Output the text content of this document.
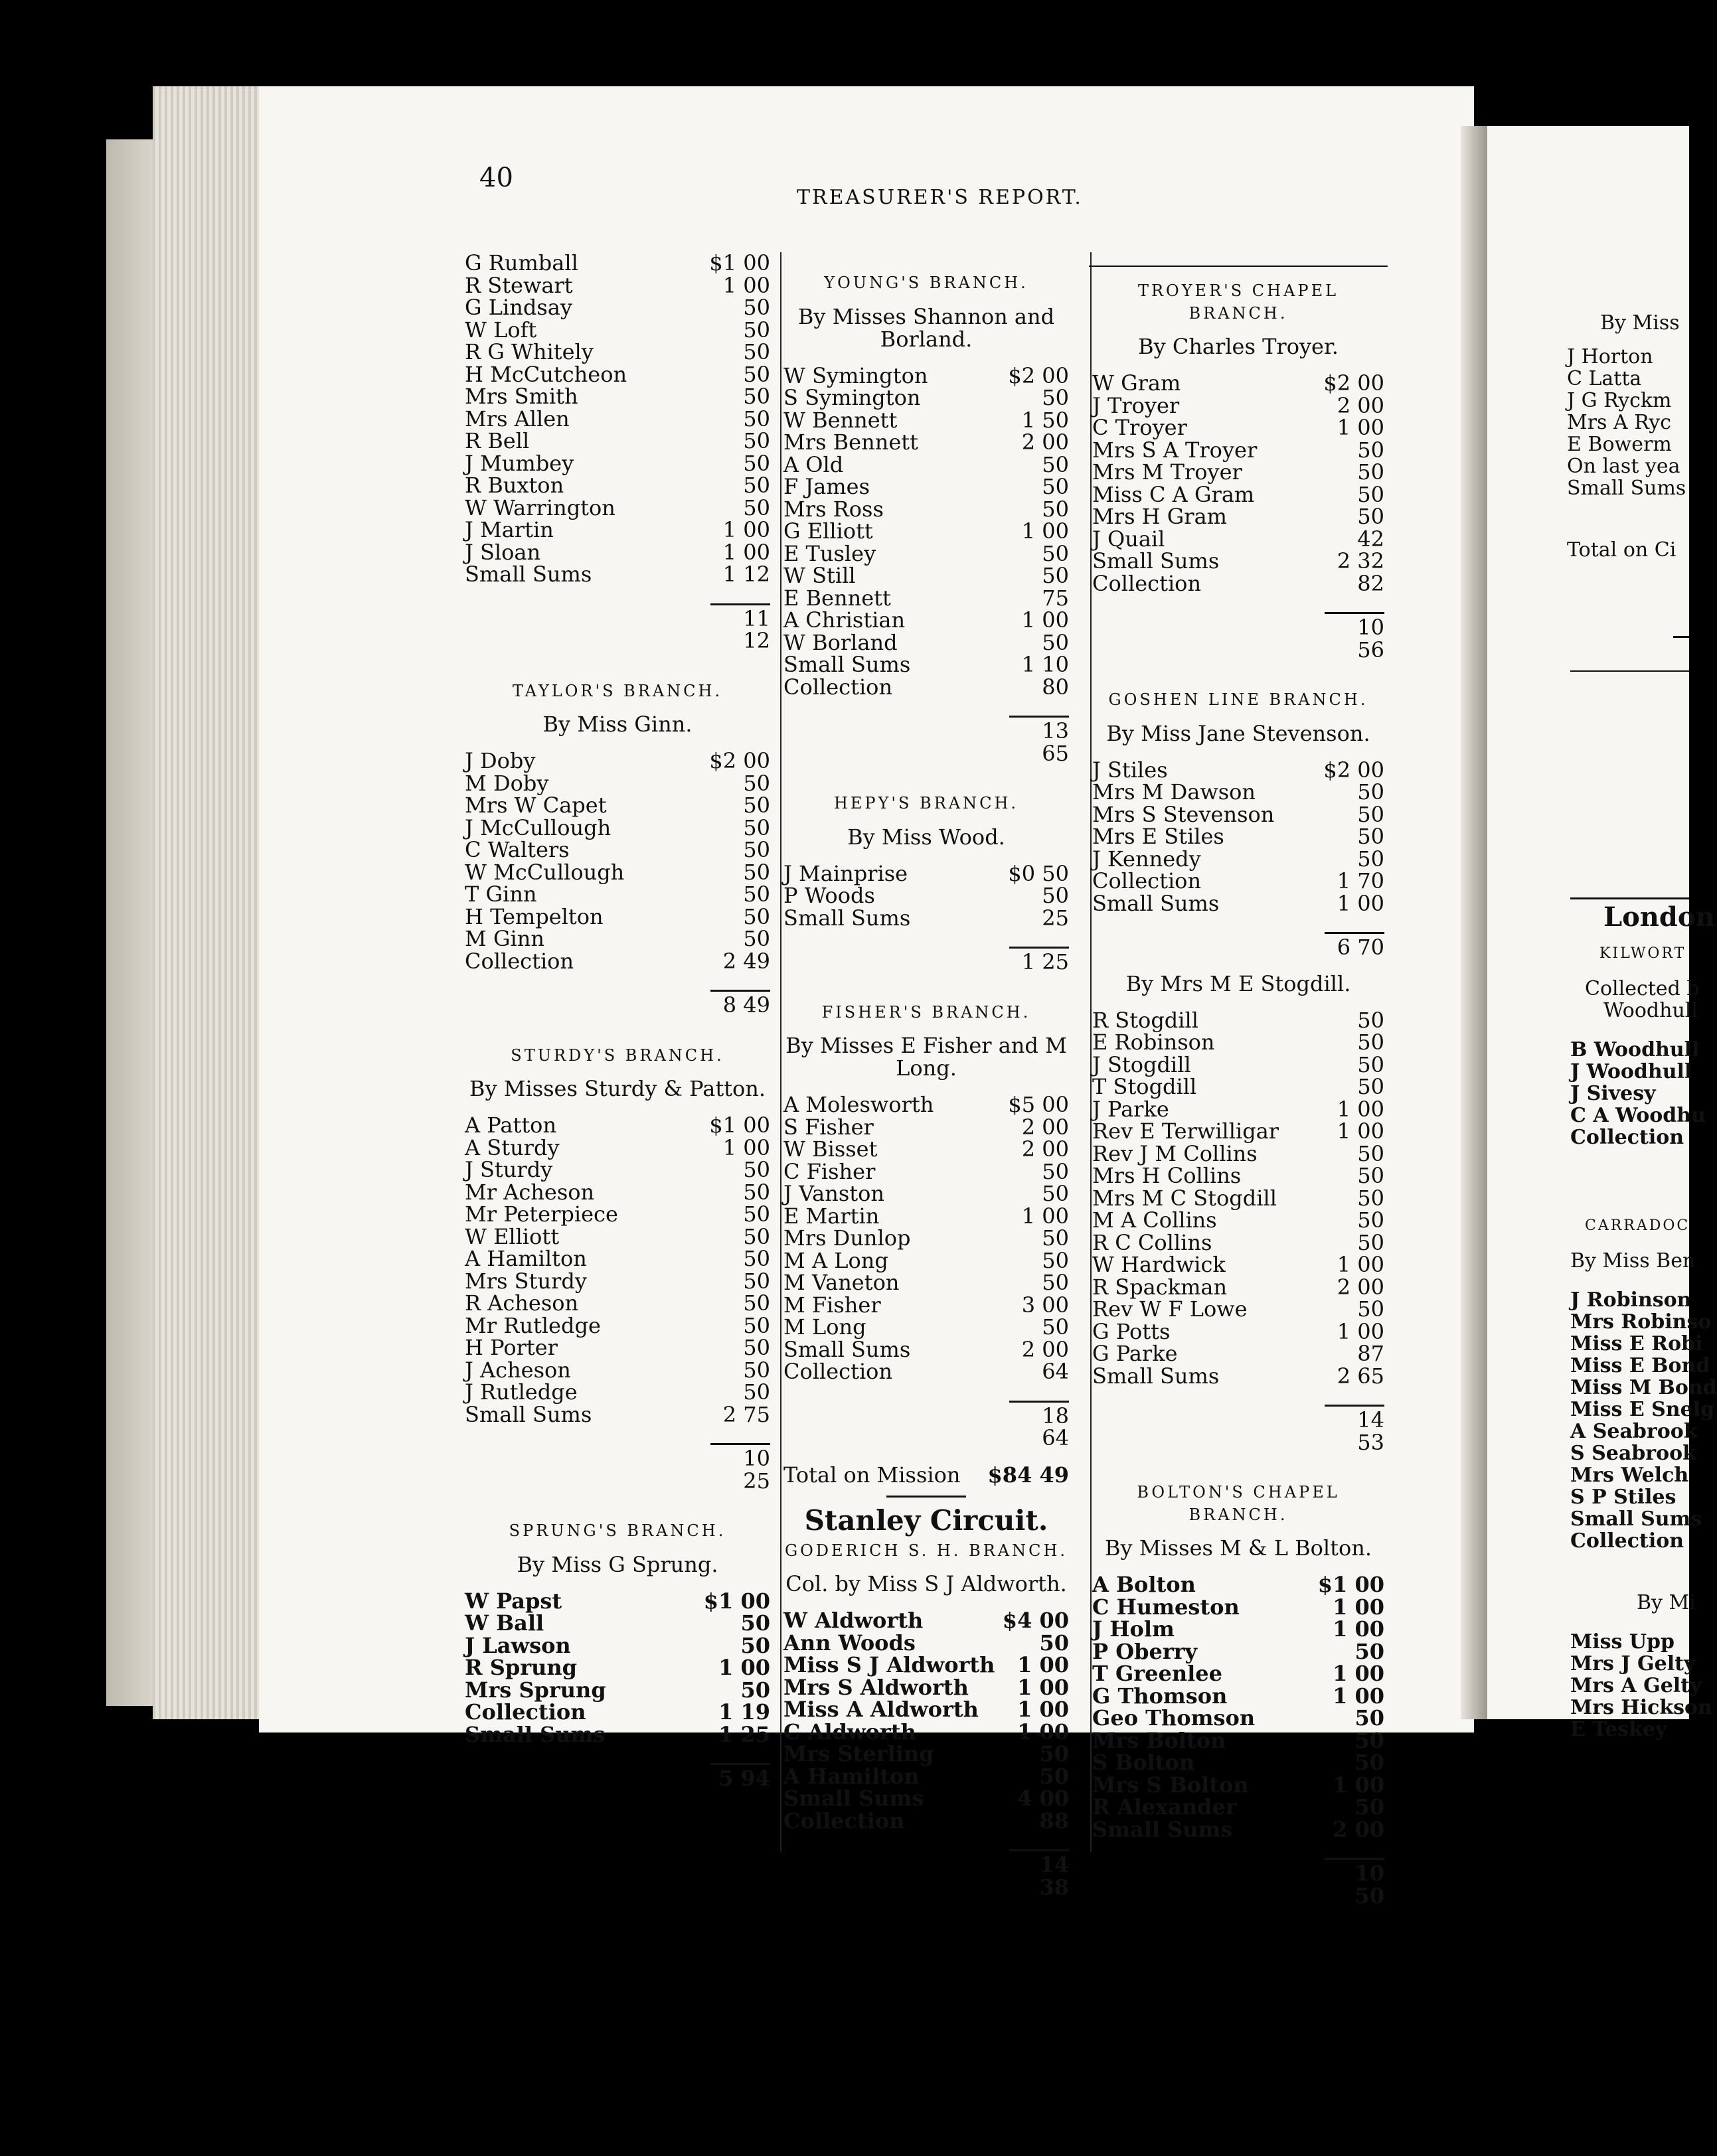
40
TREASURER'S REPORT.
G Rumball	$1 00
R Stewart	1 00
G Lindsay	50
W Loft	50
R G Whitely	50
H McCutcheon	50
Mrs Smith	50
Mrs Allen	50
R Bell	50
J Mumbey	50
R Buxton	50
W Warrington	50
J Martin	1 00
J Sloan	1 00
Small Sums	1 12
11 12
TAYLOR'S BRANCH.
By Miss Ginn.
J Doby	$2 00
M Doby	50
Mrs W Capet	50
J McCullough	50
C Walters	50
W McCullough	50
T Ginn	50
H Tempelton	50
M Ginn	50
Collection	2 49
8 49
STURDY'S BRANCH.
By Misses Sturdy & Patton.
A Patton	$1 00
A Sturdy	1 00
J Sturdy	50
Mr Acheson	50
Mr Peterpiece	50
W Elliott	50
A Hamilton	50
Mrs Sturdy	50
R Acheson	50
Mr Rutledge	50
H Porter	50
J Acheson	50
J Rutledge	50
Small Sums	2 75
10 25
SPRUNG'S BRANCH.
By Miss G Sprung.
W Papst	$1 00
W Ball	50
J Lawson	50
R Sprung	1 00
Mrs Sprung	50
Collection	1 19
Small Sums	1 25
5 94
YOUNG'S BRANCH.
By Misses Shannon and Borland.
W Symington	$2 00
S Symington	50
W Bennett	1 50
Mrs Bennett	2 00
A Old	50
F James	50
Mrs Ross	50
G Elliott	1 00
E Tusley	50
W Still	50
E Bennett	75
A Christian	1 00
W Borland	50
Small Sums	1 10
Collection	80
13 65
HEPY'S BRANCH.
By Miss Wood.
J Mainprise	$0 50
P Woods	50
Small Sums	25
1 25
FISHER'S BRANCH.
By Misses E Fisher and M Long.
A Molesworth	$5 00
S Fisher	2 00
W Bisset	2 00
C Fisher	50
J Vanston	50
E Martin	1 00
Mrs Dunlop	50
M A Long	50
M Vaneton	50
M Fisher	3 00
M Long	50
Small Sums	2 00
Collection	64
18 64
Total on Mission $84 49
Stanley Circuit.
GODERICH S. H. BRANCH.
Col. by Miss S J Aldworth.
W Aldworth	$4 00
Ann Woods	50
Miss S J Aldworth	1 00
Mrs S Aldworth	1 00
Miss A Aldworth	1 00
C Aldworth	1 00
Mrs Sterling	50
A Hamilton	50
Small Sums	4 00
Collection	88
14 38
TROYER'S CHAPEL BRANCH.
By Charles Troyer.
W Gram	$2 00
J Troyer	2 00
C Troyer	1 00
Mrs S A Troyer	50
Mrs M Troyer	50
Miss C A Gram	50
Mrs H Gram	50
J Quail	42
Small Sums	2 32
Collection	82
10 56
GOSHEN LINE BRANCH.
By Miss Jane Stevenson.
J Stiles	$2 00
Mrs M Dawson	50
Mrs S Stevenson	50
Mrs E Stiles	50
J Kennedy	50
Collection	1 70
Small Sums	1 00
6 70
By Mrs M E Stogdill.
R Stogdill	50
E Robinson	50
J Stogdill	50
T Stogdill	50
J Parke	1 00
Rev E Terwilligar	1 00
Rev J M Collins	50
Mrs H Collins	50
Mrs M C Stogdill	50
M A Collins	50
R C Collins	50
W Hardwick	1 00
R Spackman	2 00
Rev W F Lowe	50
G Potts	1 00
G Parke	87
Small Sums	2 65
14 53
BOLTON'S CHAPEL BRANCH.
By Misses M & L Bolton.
A Bolton	$1 00
C Humeston	1 00
J Holm	1 00
P Oberry	50
T Greenlee	1 00
G Thomson	1 00
Geo Thomson	50
Mrs Bolton	50
S Bolton	50
Mrs S Bolton	1 00
R Alexander	50
Small Sums	2 00
10 50
By Miss
J Horton
C Latta
J G Ryckm
Mrs A Ryc
E Bowerm
On last yea
Small Sums
Total on Ci
London
KILWORT
Collected b
Woodhull
B Woodhull
J Woodhull
J Sivesy
C A Woodhu
Collection
CARRADOC
By Miss Ben
J Robinson
Mrs Robinso
Miss E Robi
Miss E Bond
Miss M Bond
Miss E Snelg
A Seabrook
S Seabrook
Mrs Welch
S P Stiles
Small Sums
Collection
By Mi
Miss Upp
Mrs J Gelty
Mrs A Gelty
Mrs Hickson
E Teskey
